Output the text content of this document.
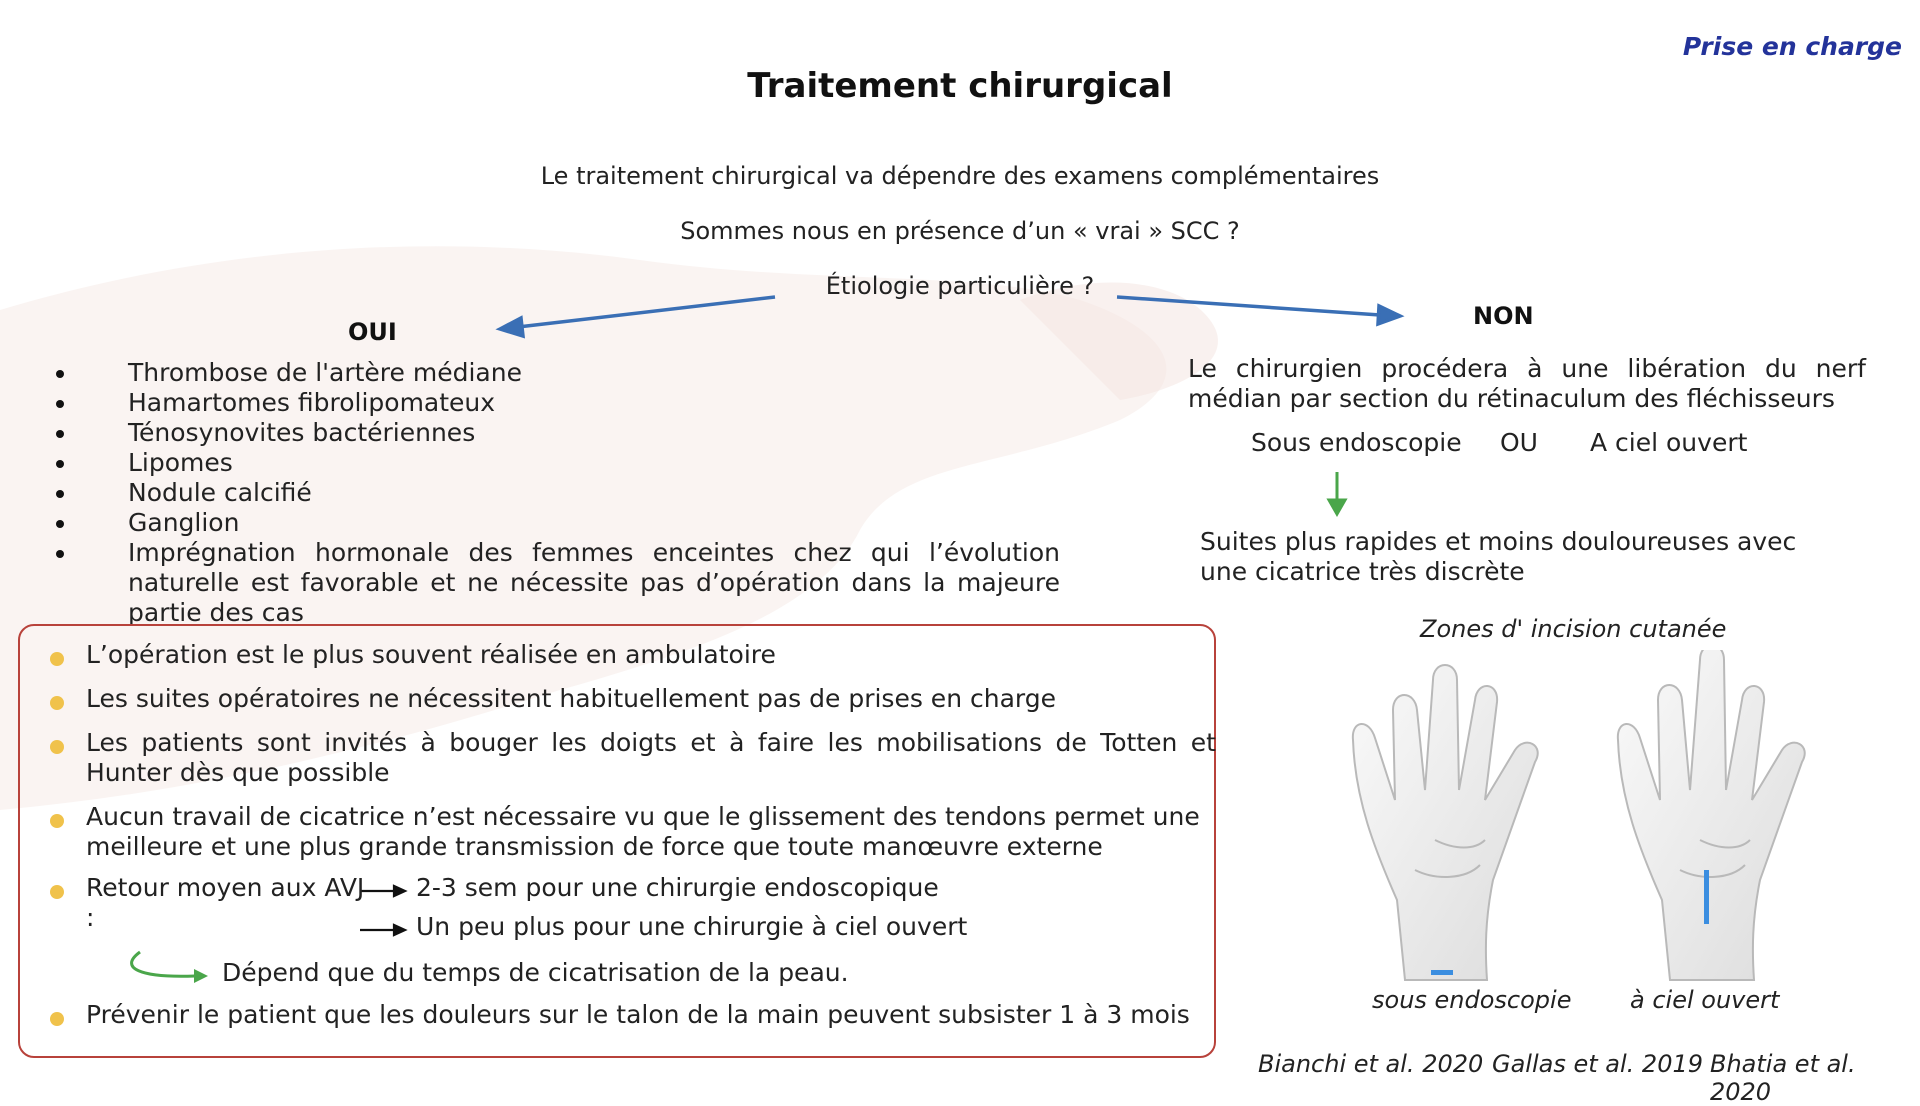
Prise en charge
Traitement chirurgical
Le traitement chirurgical va dépendre des examens complémentaires
Sommes nous en présence d’un « vrai » SCC ?
Étiologie particulière ?
OUI
NON
Thrombose de l'artère médiane
Hamartomes fibrolipomateux
Ténosynovites bactériennes
Lipomes
Nodule calcifié
Ganglion
Imprégnation hormonale des femmes enceintes chez qui l’évolution naturelle est favorable et ne nécessite pas d’opération dans la majeure partie des cas
Le chirurgien procédera à une libération du nerf médian par section du rétinaculum des fléchisseurs
Sous endoscopie OU A ciel ouvert
Suites plus rapides et moins douloureuses avec une cicatrice très discrète
L’opération est le plus souvent réalisée en ambulatoire
Les suites opératoires ne nécessitent habituellement pas de prises en charge
Les patients sont invités à bouger les doigts et à faire les mobilisations de Totten et Hunter dès que possible
Aucun travail de cicatrice n’est nécessaire vu que le glissement des tendons permet une meilleure et une plus grande transmission de force que toute manœuvre externe
Retour moyen aux AVJ :
2-3 sem pour une chirurgie endoscopique
Un peu plus pour une chirurgie à ciel ouvert
Dépend que du temps de cicatrisation de la peau.
Prévenir le patient que les douleurs sur le talon de la main peuvent subsister 1 à 3 mois
Zones d' incision cutanée
sous endoscopie à ciel ouvert
Bianchi et al. 2020 Gallas et al. 2019 Bhatia et al. 2020
